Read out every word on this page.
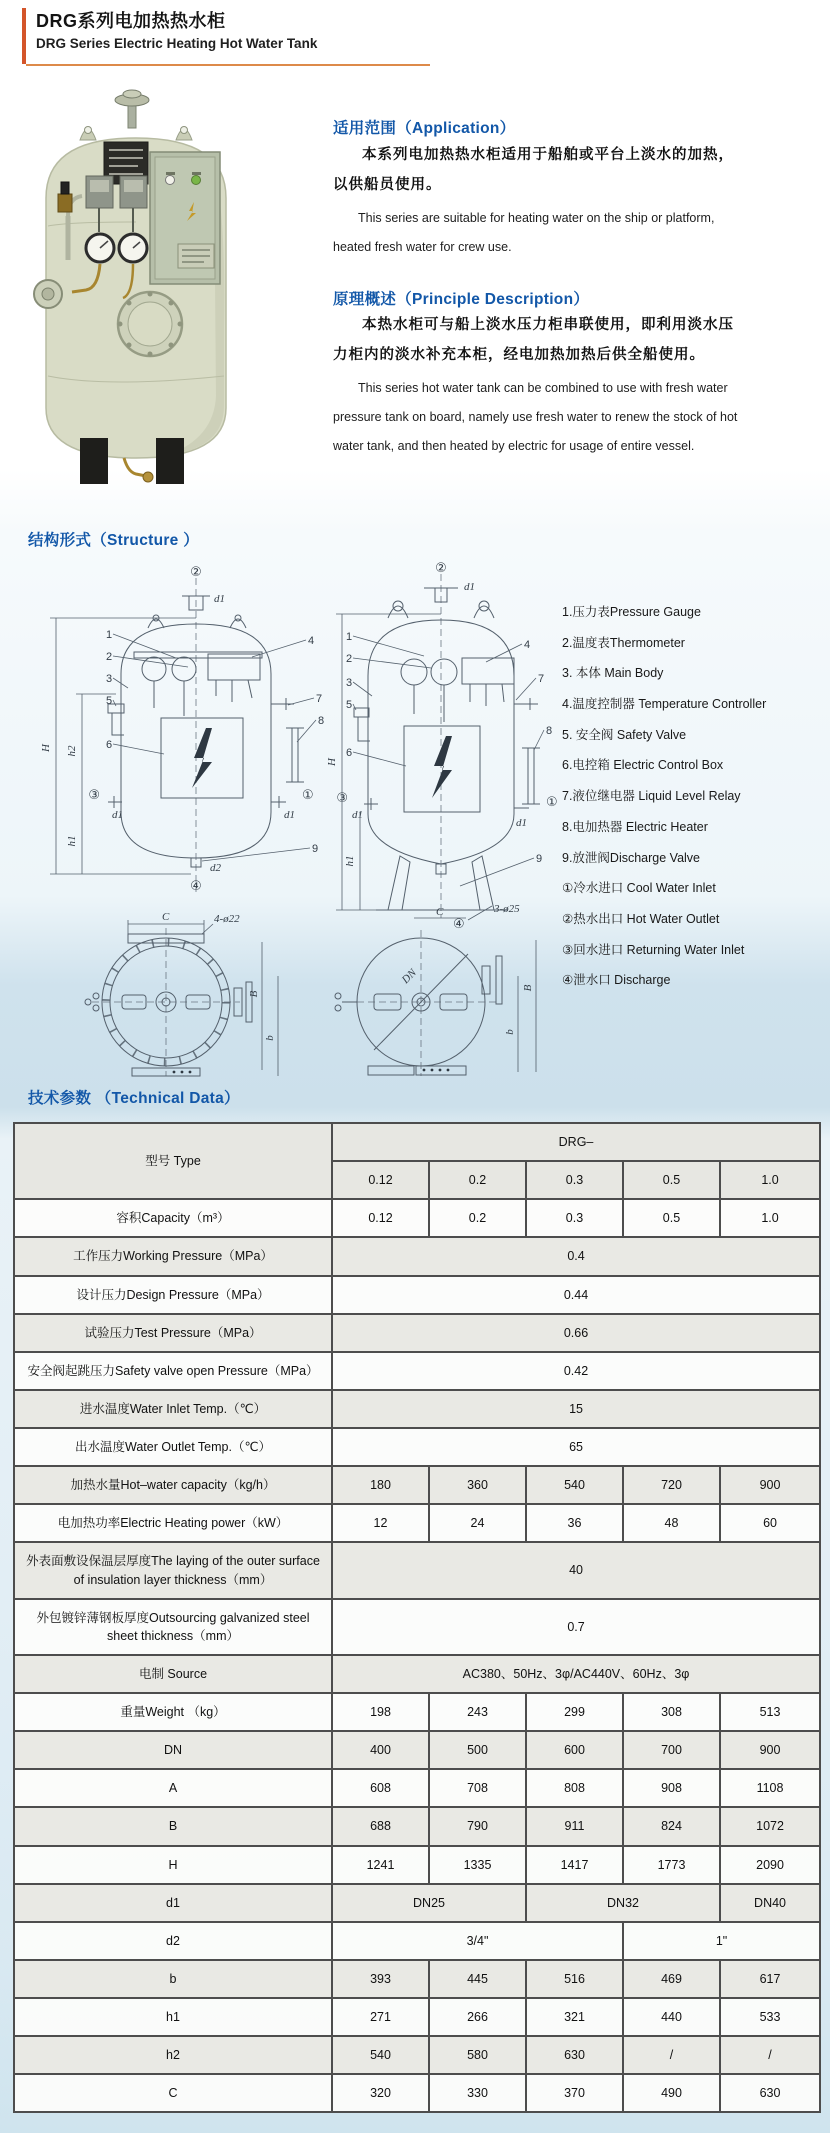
DRG系列电加热热水柜
DRG Series Electric Heating Hot Water Tank
适用范围（Application）
本系列电加热热水柜适用于船舶或平台上淡水的加热，
以供船员使用。
This series are suitable for heating water on the ship or platform,
heated fresh water for crew use.
原理概述（Principle Description）
本热水柜可与船上淡水压力柜串联使用，即利用淡水压
力柜内的淡水补充本柜，经电加热加热后供全船使用。
This series hot water tank can be combined to use with fresh water
pressure tank on board, namely use fresh water to renew the stock of hot
water tank, and then heated by electric for usage of entire vessel.
结构形式（Structure ）
②
d1
③
d1
①
d1
d2
④
H h2
h1
1
2
3
5
6
4
7
8
9
②
d1
③
d1
①
d1
④
C	3-ø25
H
h1
1
2
3
5
6
4
7
8
9
C	4-ø22
B
b
DN
b
B
1.压力表Pressure Gauge
2.温度表Thermometer
3. 本体 Main Body
4.温度控制器 Temperature Controller
5. 安全阀 Safety Valve
6.电控箱 Electric Control Box
7.液位继电器 Liquid Level Relay
8.电加热器 Electric Heater
9.放泄阀Discharge Valve
①冷水进口 Cool Water Inlet
②热水出口 Hot Water Outlet
③回水进口 Returning Water Inlet
④泄水口 Discharge
技术参数 （Technical Data）
型号 Type	DRG–				
	0.12	0.2	0.3	0.5	1.0
容积Capacity（m³）	0.12	0.2	0.3	0.5	1.0
工作压力Working Pressure（MPa）	0.4				
设计压力Design Pressure（MPa）	0.44				
试验压力Test Pressure（MPa）	0.66				
安全阀起跳压力Safety valve open Pressure（MPa）	0.42				
进水温度Water Inlet Temp.（℃）	15				
出水温度Water Outlet Temp.（℃）	65				
加热水量Hot–water capacity（kg/h）	180	360	540	720	900
电加热功率Electric Heating power（kW）	12	24	36	48	60
外表面敷设保温层厚度The laying of the outer surface of insulation layer thickness（mm）	40				
外包镀锌薄钢板厚度Outsourcing galvanized steel sheet thickness（mm）	0.7				
电制 Source	AC380、50Hz、3φ/AC440V、60Hz、3φ				
重量Weight （kg）	198	243	299	308	513
DN	400	500	600	700	900
A	608	708	808	908	1108
B	688	790	911	824	1072
H	1241	1335	1417	1773	2090
d1	DN25		DN32		DN40
d2	3/4"			1"	
b	393	445	516	469	617
h1	271	266	321	440	533
h2	540	580	630	/	/
C	320	330	370	490	630
